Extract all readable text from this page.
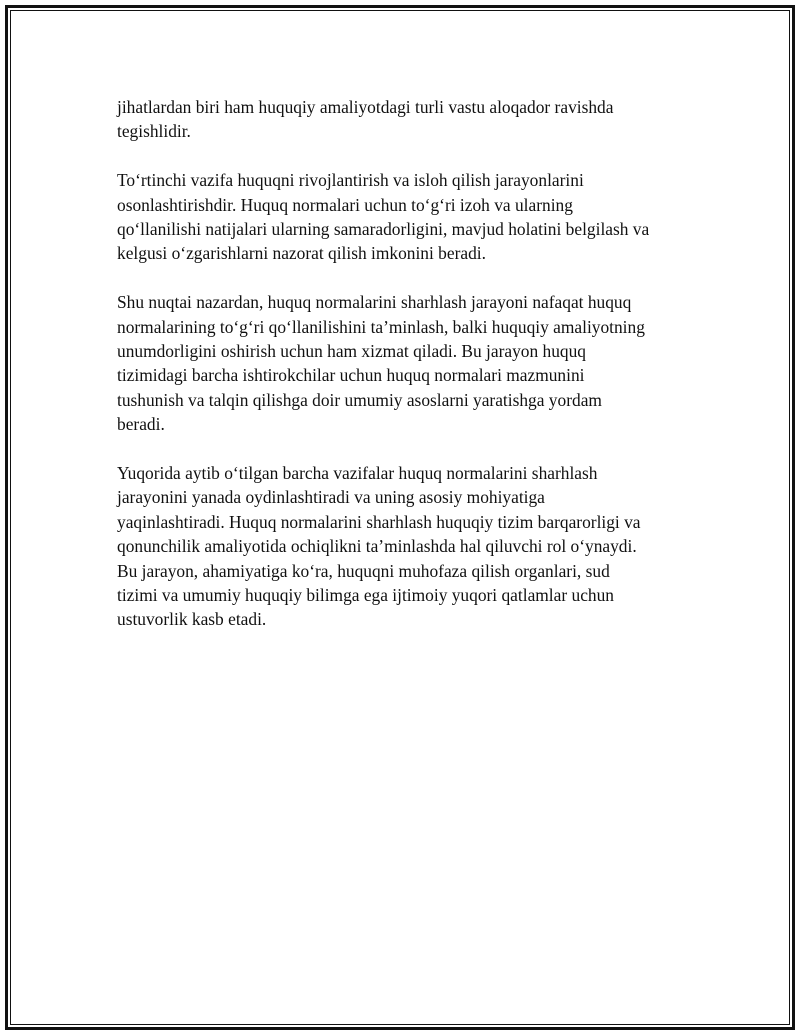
jihatlardan biri ham huquqiy amaliyotdagi turli vastu aloqador ravishda
tegishlidir.

To‘rtinchi vazifa huquqni rivojlantirish va isloh qilish jarayonlarini
osonlashtirishdir. Huquq normalari uchun to‘g‘ri izoh va ularning
qo‘llanilishi natijalari ularning samaradorligini, mavjud holatini belgilash va
kelgusi o‘zgarishlarni nazorat qilish imkonini beradi.

Shu nuqtai nazardan, huquq normalarini sharhlash jarayoni nafaqat huquq
normalarining to‘g‘ri qo‘llanilishini ta’minlash, balki huquqiy amaliyotning
unumdorligini oshirish uchun ham xizmat qiladi. Bu jarayon huquq
tizimidagi barcha ishtirokchilar uchun huquq normalari mazmunini
tushunish va talqin qilishga doir umumiy asoslarni yaratishga yordam
beradi.

Yuqorida aytib o‘tilgan barcha vazifalar huquq normalarini sharhlash
jarayonini yanada oydinlashtiradi va uning asosiy mohiyatiga
yaqinlashtiradi. Huquq normalarini sharhlash huquqiy tizim barqarorligi va
qonunchilik amaliyotida ochiqlikni ta’minlashda hal qiluvchi rol o‘ynaydi.
Bu jarayon, ahamiyatiga ko‘ra, huquqni muhofaza qilish organlari, sud
tizimi va umumiy huquqiy bilimga ega ijtimoiy yuqori qatlamlar uchun
ustuvorlik kasb etadi.
